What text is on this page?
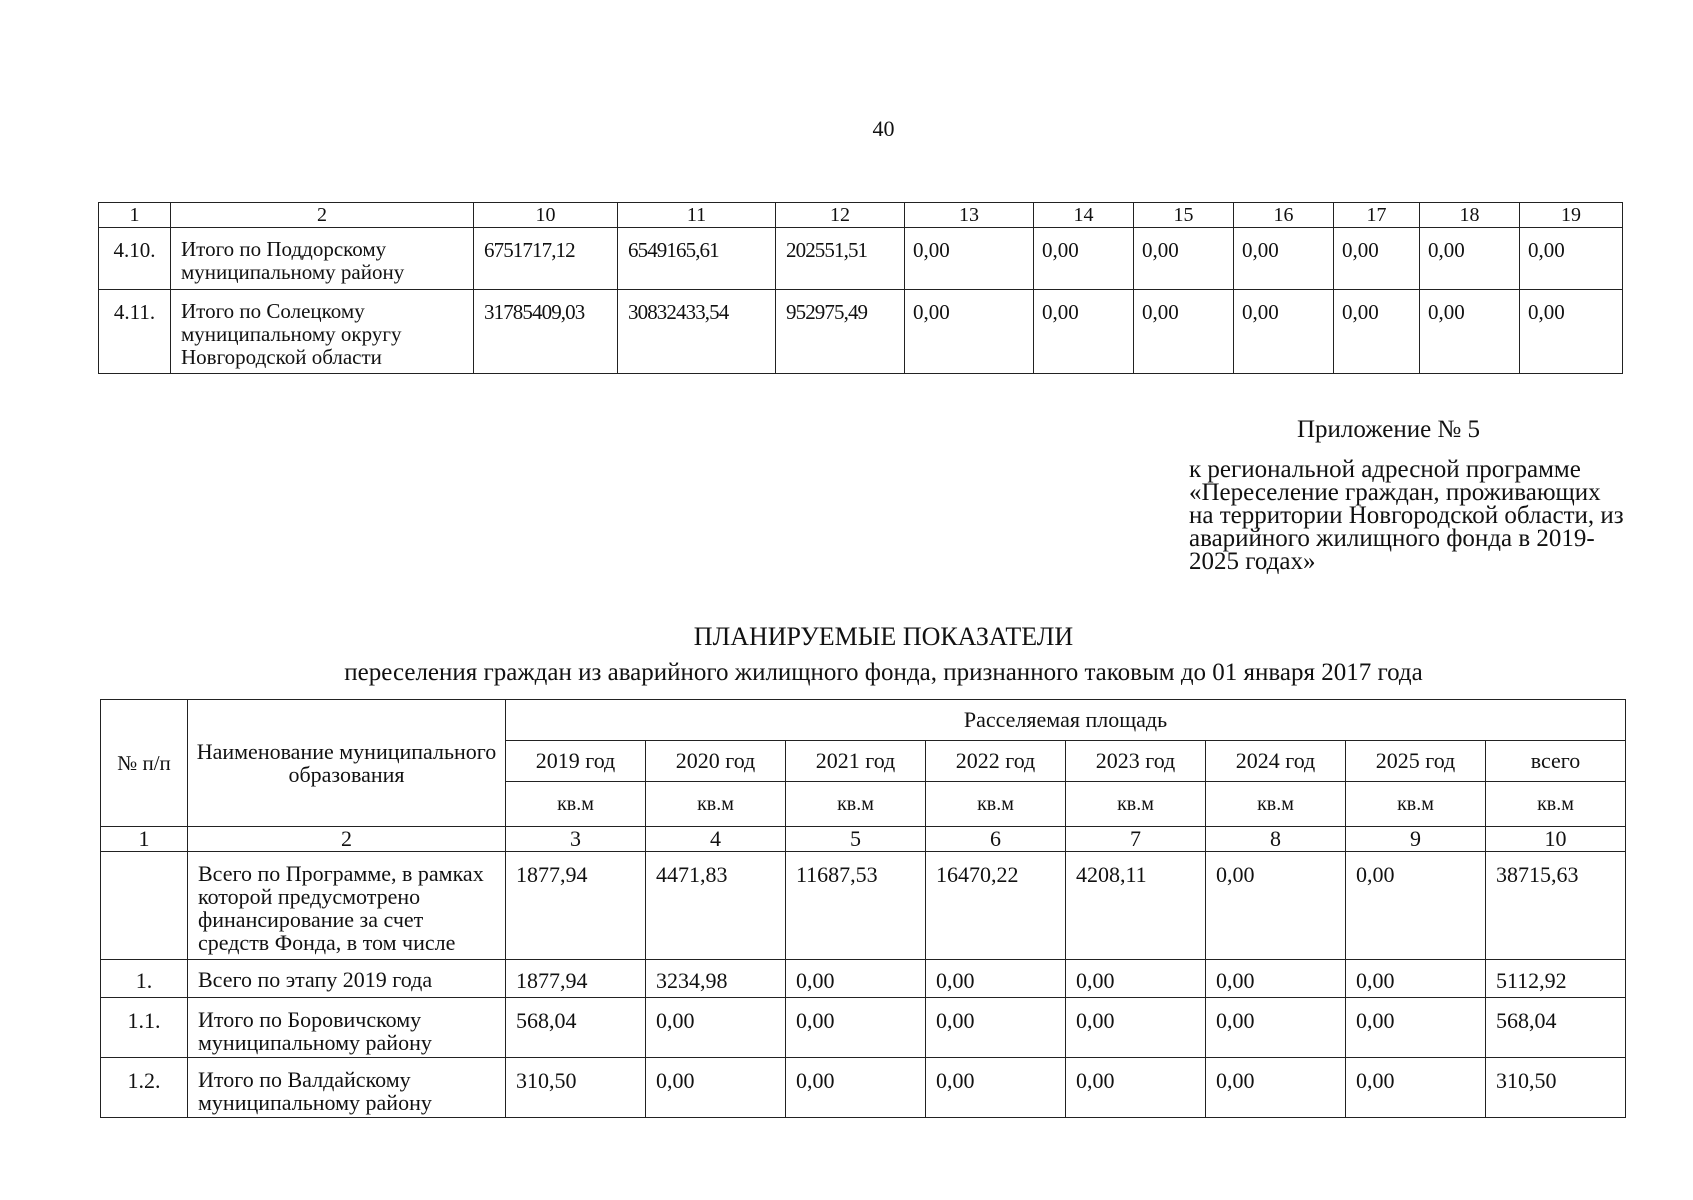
40
1	2	10	11	12	13	14	15	16	17	18	19
4.10.	Итого по Поддорскому муниципальному району	6751717,12	6549165,61	202551,51	0,00	0,00	0,00	0,00	0,00	0,00	0,00
4.11.	Итого по Солецкому муниципальному округу Новгородской области	31785409,03	30832433,54	952975,49	0,00	0,00	0,00	0,00	0,00	0,00	0,00
Приложение № 5
к региональной адресной программе «Переселение граждан, проживающих на территории Новгородской области, из аварийного жилищного фонда в 2019-2025 годах»
ПЛАНИРУЕМЫЕ ПОКАЗАТЕЛИ
переселения граждан из аварийного жилищного фонда, признанного таковым до 01 января 2017 года
№ п/п	Наименование муниципального образования	Расселяемая площадь							
		2019 год	2020 год	2021 год	2022 год	2023 год	2024 год	2025 год	всего
		кв.м	кв.м	кв.м	кв.м	кв.м	кв.м	кв.м	кв.м
1	2	3	4	5	6	7	8	9	10
	Всего по Программе, в рамках которой предусмотрено финансирование за счет средств Фонда, в том числе	1877,94	4471,83	11687,53	16470,22	4208,11	0,00	0,00	38715,63
1.	Всего по этапу 2019 года	1877,94	3234,98	0,00	0,00	0,00	0,00	0,00	5112,92
1.1.	Итого по Боровичскому муниципальному району	568,04	0,00	0,00	0,00	0,00	0,00	0,00	568,04
1.2.	Итого по Валдайскому муниципальному району	310,50	0,00	0,00	0,00	0,00	0,00	0,00	310,50
